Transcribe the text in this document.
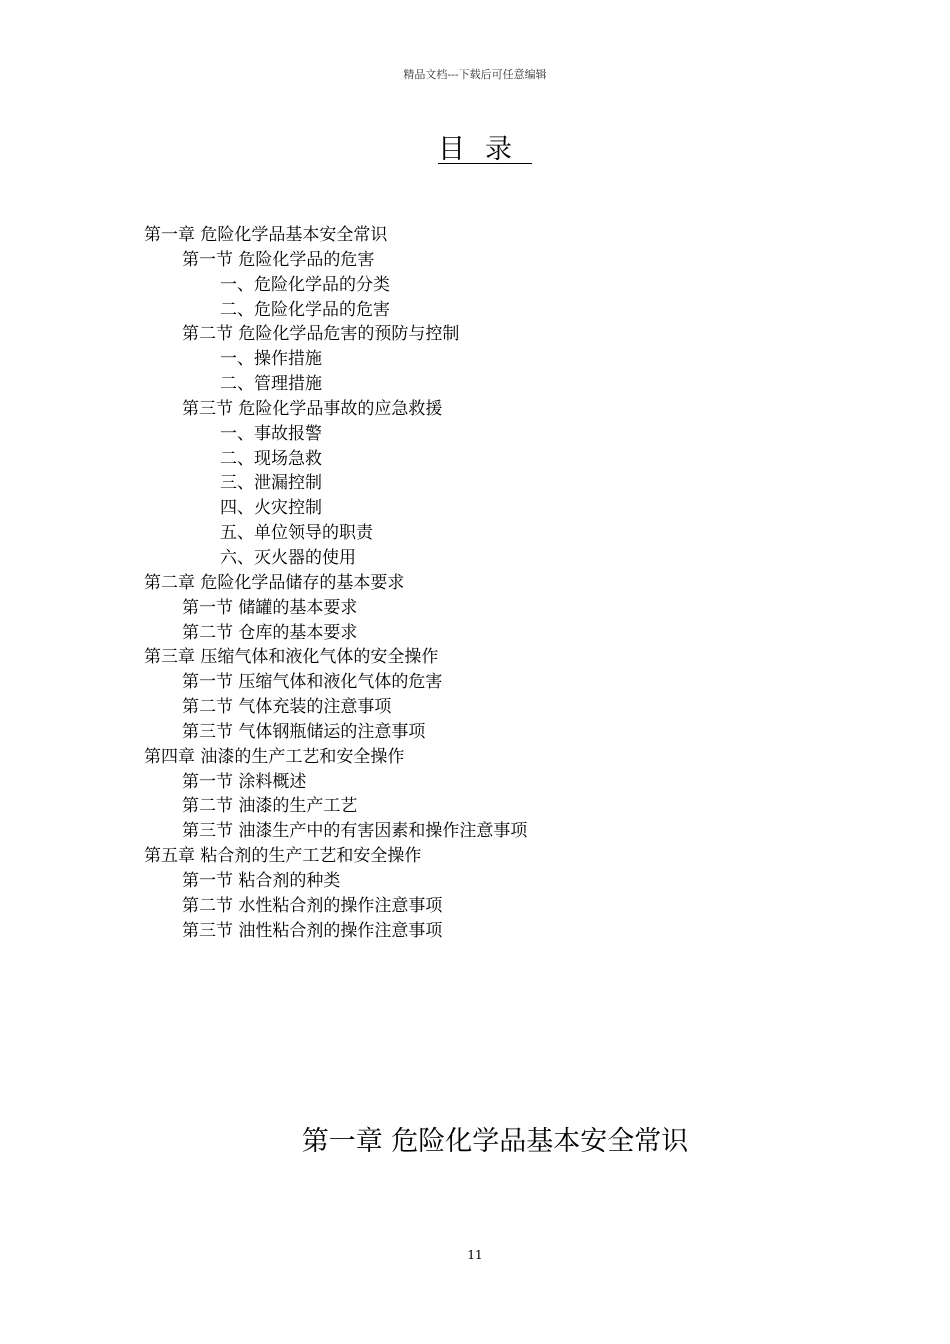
精品文档---下载后可任意编辑
目录
第一章 危险化学品基本安全常识
第一节 危险化学品的危害
一、危险化学品的分类
二、危险化学品的危害
第二节 危险化学品危害的预防与控制
一、操作措施
二、管理措施
第三节 危险化学品事故的应急救援
一、事故报警
二、现场急救
三、泄漏控制
四、火灾控制
五、单位领导的职责
六、灭火器的使用
第二章 危险化学品储存的基本要求
第一节 储罐的基本要求
第二节 仓库的基本要求
第三章 压缩气体和液化气体的安全操作
第一节 压缩气体和液化气体的危害
第二节 气体充装的注意事项
第三节 气体钢瓶储运的注意事项
第四章 油漆的生产工艺和安全操作
第一节 涂料概述
第二节 油漆的生产工艺
第三节 油漆生产中的有害因素和操作注意事项
第五章 粘合剂的生产工艺和安全操作
第一节 粘合剂的种类
第二节 水性粘合剂的操作注意事项
第三节 油性粘合剂的操作注意事项
第一章 危险化学品基本安全常识
11
